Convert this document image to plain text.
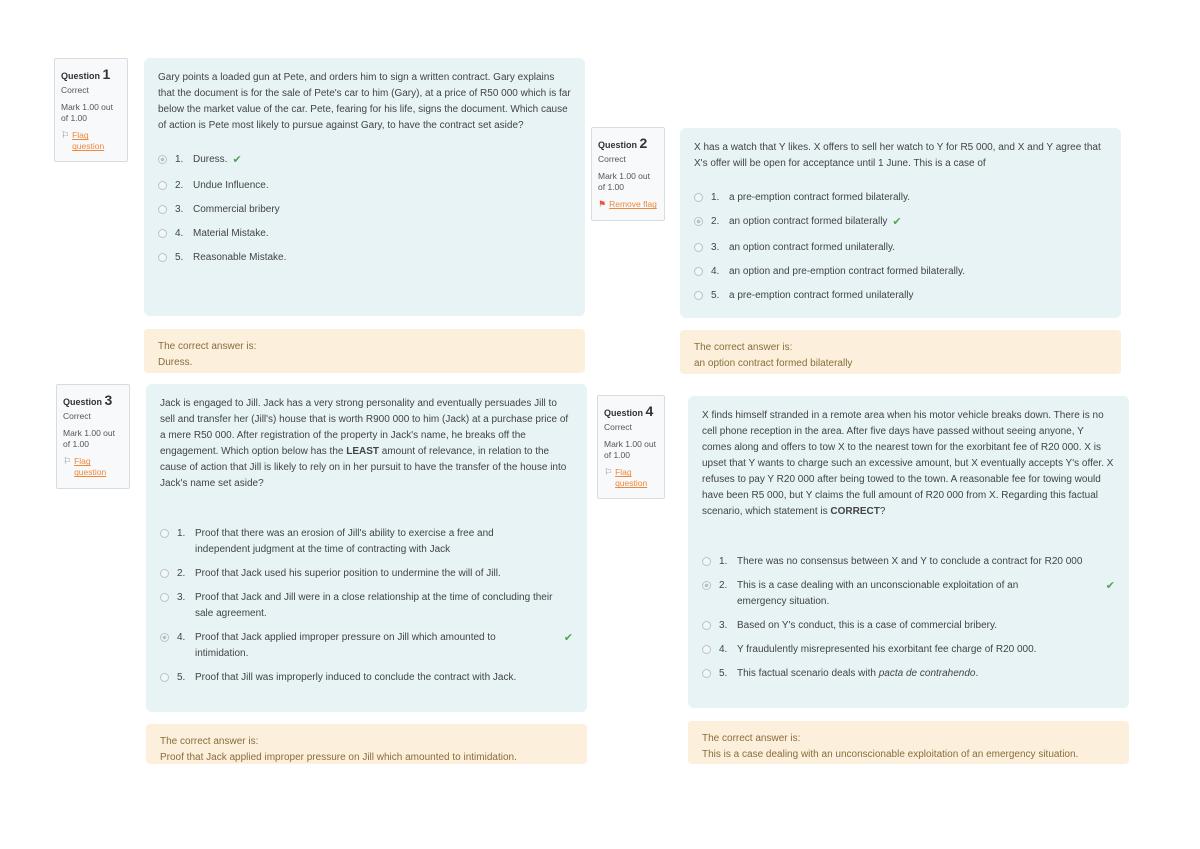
Question 1
Correct
Mark 1.00 out of 1.00
⚐ Flag question
Gary points a loaded gun at Pete, and orders him to sign a written contract. Gary explains that the document is for the sale of Pete's car to him (Gary), at a price of R50 000 which is far below the market value of the car. Pete, fearing for his life, signs the document. Which cause of action is Pete most likely to pursue against Gary, to have the contract set aside?
1. Duress. ✔
2. Undue Influence.
3. Commercial bribery
4. Material Mistake.
5. Reasonable Mistake.
The correct answer is:
Duress.
Question 2
Correct
Mark 1.00 out of 1.00
⚑ Remove flag
X has a watch that Y likes. X offers to sell her watch to Y for R5 000, and X and Y agree that X's offer will be open for acceptance until 1 June. This is a case of
1. a pre-emption contract formed bilaterally.
2. an option contract formed bilaterally ✔
3. an option contract formed unilaterally.
4. an option and pre-emption contract formed bilaterally.
5. a pre-emption contract formed unilaterally
The correct answer is:
an option contract formed bilaterally
Question 3
Correct
Mark 1.00 out of 1.00
⚐ Flag question
Jack is engaged to Jill. Jack has a very strong personality and eventually persuades Jill to sell and transfer her (Jill's) house that is worth R900 000 to him (Jack) at a purchase price of a mere R50 000. After registration of the property in Jack's name, he breaks off the engagement. Which option below has the LEAST amount of relevance, in relation to the cause of action that Jill is likely to rely on in her pursuit to have the transfer of the house into Jack's name set aside?
1. Proof that there was an erosion of Jill's ability to exercise a free and independent judgment at the time of contracting with Jack
2. Proof that Jack used his superior position to undermine the will of Jill.
3. Proof that Jack and Jill were in a close relationship at the time of concluding their sale agreement.
4. Proof that Jack applied improper pressure on Jill which amounted to intimidation.
✔
5. Proof that Jill was improperly induced to conclude the contract with Jack.
The correct answer is:
Proof that Jack applied improper pressure on Jill which amounted to intimidation.
Question 4
Correct
Mark 1.00 out of 1.00
⚐ Flag question
X finds himself stranded in a remote area when his motor vehicle breaks down. There is no cell phone reception in the area. After five days have passed without seeing anyone, Y comes along and offers to tow X to the nearest town for the exorbitant fee of R20 000. X is upset that Y wants to charge such an excessive amount, but X eventually accepts Y's offer. X refuses to pay Y R20 000 after being towed to the town. A reasonable fee for towing would have been R5 000, but Y claims the full amount of R20 000 from X. Regarding this factual scenario, which statement is CORRECT?
1. There was no consensus between X and Y to conclude a contract for R20 000
2. This is a case dealing with an unconscionable exploitation of an emergency situation.
✔
3. Based on Y's conduct, this is a case of commercial bribery.
4. Y fraudulently misrepresented his exorbitant fee charge of R20 000.
5. This factual scenario deals with pacta de contrahendo.
The correct answer is:
This is a case dealing with an unconscionable exploitation of an emergency situation.
